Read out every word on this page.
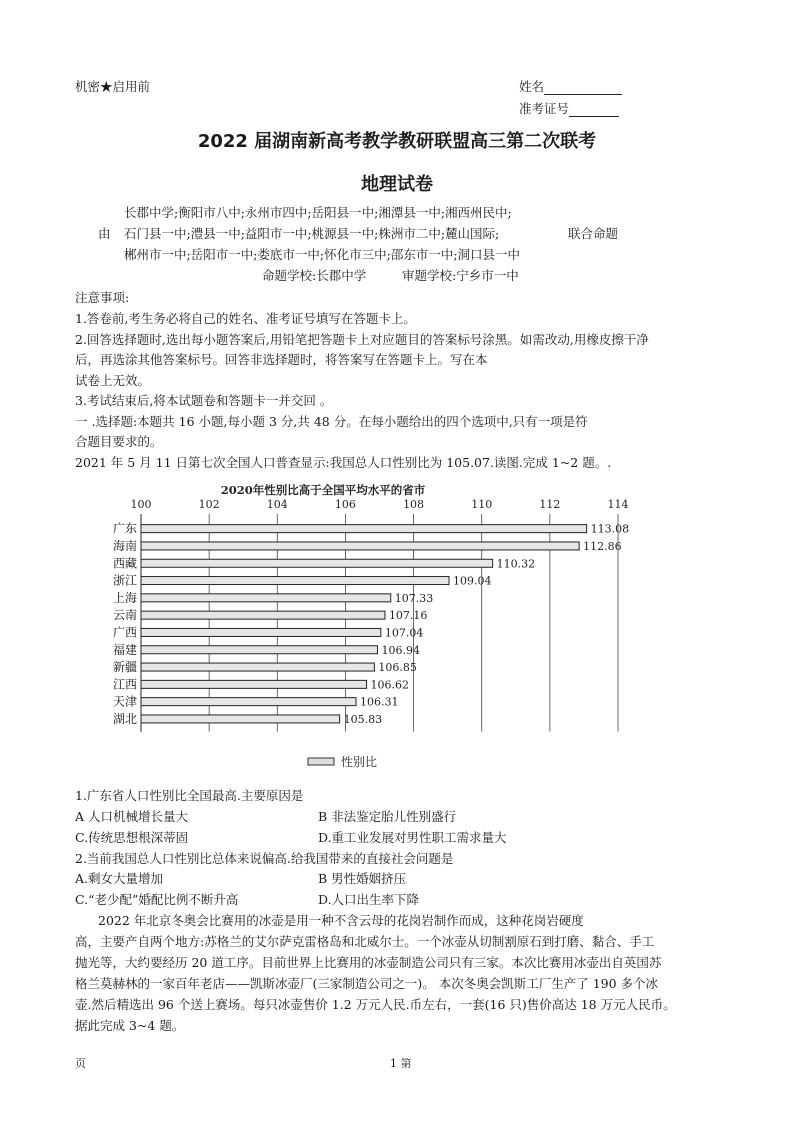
机密★启用前	姓名
准考证号
2022 届湖南新高考教学教研联盟高三第二次联考
地理试卷
长郡中学;衡阳市八中;永州市四中;岳阳县一中;湘潭县一中;湘西州民中;
由 石门县一中;澧县一中;益阳市一中;桃源县一中;株洲市二中;麓山国际;	联合命题
郴州市一中;岳阳市一中;娄底市一中;怀化市三中;邵东市一中;洞口县一中
命题学校:长郡中学	审题学校:宁乡市一中
注意事项:
1.答卷前,考生务必将自己的姓名、准考证号填写在答题卡上。
2.回答选择题时,选出每小题答案后,用铅笔把答题卡上对应题目的答案标号涂黑。如需改动,用橡皮擦干净
后，再选涂其他答案标号。回答非选择题时，将答案写在答题卡上。写在本
试卷上无效。
3.考试结束后,将本试题卷和答题卡一并交回 。
一 .选择题:本题共 16 小题,每小题 3 分,共 48 分。在每小题给出的四个选项中,只有一项是符
合题目要求的。
2021 年 5 月 11 日第七次全国人口普查显示:我国总人口性别比为 105.07.读图.完成 1~2 题。.
2020年性别比高于全国平均水平的省市
100	102	104	106	108	110	112	114
广东
海南
西藏
浙江
上海
云南
广西
福建
新疆
江西
天津
湖北
113.08
112.86
110.32
109.04
107.33
107.16
107.04
106.94
106.85
106.62
106.31
105.83
性别比
1.广东省人口性别比全国最高.主要原因是
A 人口机械增长量大	B 非法鉴定胎儿性别盛行
C.传统思想根深蒂固	D.重工业发展对男性职工需求量大
2.当前我国总人口性别比总体来说偏高.给我国带来的直接社会问题是
A.剩女大量增加	B 男性婚姻挤压
C.“老少配”婚配比例不断升高	D.人口出生率下降
2022 年北京冬奥会比赛用的冰壶是用一种不含云母的花岗岩制作而成，这种花岗岩硬度
高，主要产自两个地方:苏格兰的艾尔萨克雷格岛和北威尔士。一个冰壶从切制割原石到打磨、黏合、手工
抛光等，大约要经历 20 道工序。目前世界上比赛用的冰壶制造公司只有三家。本次比赛用冰壶出自英国苏
格兰莫赫林的一家百年老店——凯斯冰壶厂(三家制造公司之一)。 本次冬奥会凯斯工厂生产了 190 多个冰
壶.然后精选出 96 个送上赛场。每只冰壶售价 1.2 万元人民.币左右，一套(16 只)售价高达 18 万元人民币。
据此完成 3~4 题。
页	1 第
